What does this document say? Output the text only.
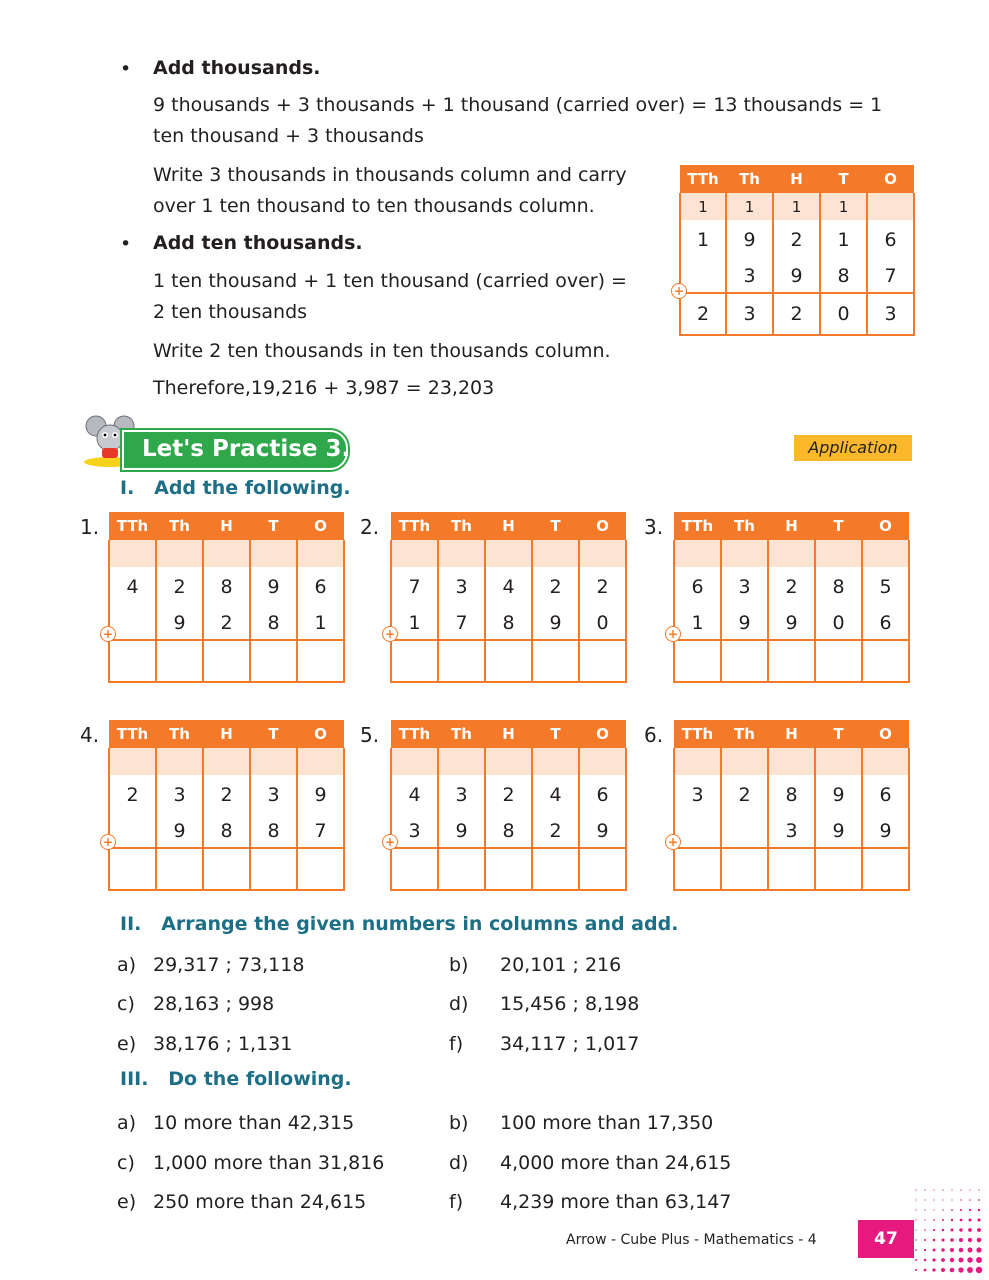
• Add thousands.
9 thousands + 3 thousands + 1 thousand (carried over) = 13 thousands = 1
ten thousand + 3 thousands
Write 3 thousands in thousands column and carry
over 1 ten thousand to ten thousands column.
• Add ten thousands.
1 ten thousand + 1 ten thousand (carried over) =
2 ten thousands
Write 2 ten thousands in ten thousands column.
Therefore,19,216 + 3,987 = 23,203
TTh	Th	H	T	O
1	1	1	1	
1	9	2	1	6
	3	9	8	7
2	3	2	0	3
+
Let's Practise 3.3	Application
I.   Add the following.
1. TTh	Th	H	T	O

4	2	8	9	6
	9	2	8	1

+
2. TTh	Th	H	T	O

7	3	4	2	2
1	7	8	9	0

+
3. TTh	Th	H	T	O

6	3	2	8	5
1	9	9	0	6

+
4. TTh	Th	H	T	O

2	3	2	3	9
	9	8	8	7

+
5. TTh	Th	H	T	O

4	3	2	4	6
3	9	8	2	9

+
6. TTh	Th	H	T	O

3	2	8	9	6
		3	9	9

+
II.   Arrange the given numbers in columns and add.
a) 29,317 ; 73,118	b) 20,101 ; 216
c) 28,163 ; 998	d) 15,456 ; 8,198
e) 38,176 ; 1,131	f) 34,117 ; 1,017
III.   Do the following.
a) 10 more than 42,315	b) 100 more than 17,350
c) 1,000 more than 31,816	d) 4,000 more than 24,615
e) 250 more than 24,615	f) 4,239 more than 63,147
Arrow - Cube Plus - Mathematics - 4	47
